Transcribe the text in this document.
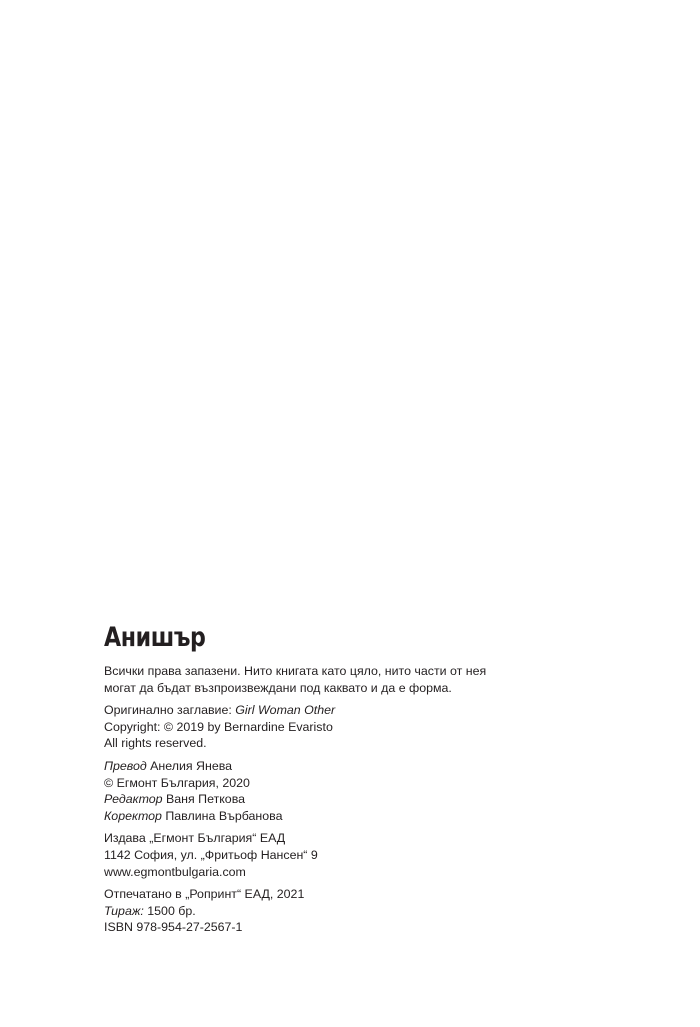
Анишър
Всички права запазени. Нито книгата като цяло, нито части от нея
могат да бъдат възпроизвеждани под каквато и да е форма.
Оригинално заглавие: Girl Woman Other
Copyright: © 2019 by Bernardine Evaristo
All rights reserved.
Превод Анелия Янева
© Егмонт България, 2020
Редактор Ваня Петкова
Коректор Павлина Върбанова
Издава „Егмонт България“ ЕАД
1142 София, ул. „Фритьоф Нансен“ 9
www.egmontbulgaria.com
Отпечатано в „Ропринт“ ЕАД, 2021
Тираж: 1500 бр.
ISBN 978-954-27-2567-1
